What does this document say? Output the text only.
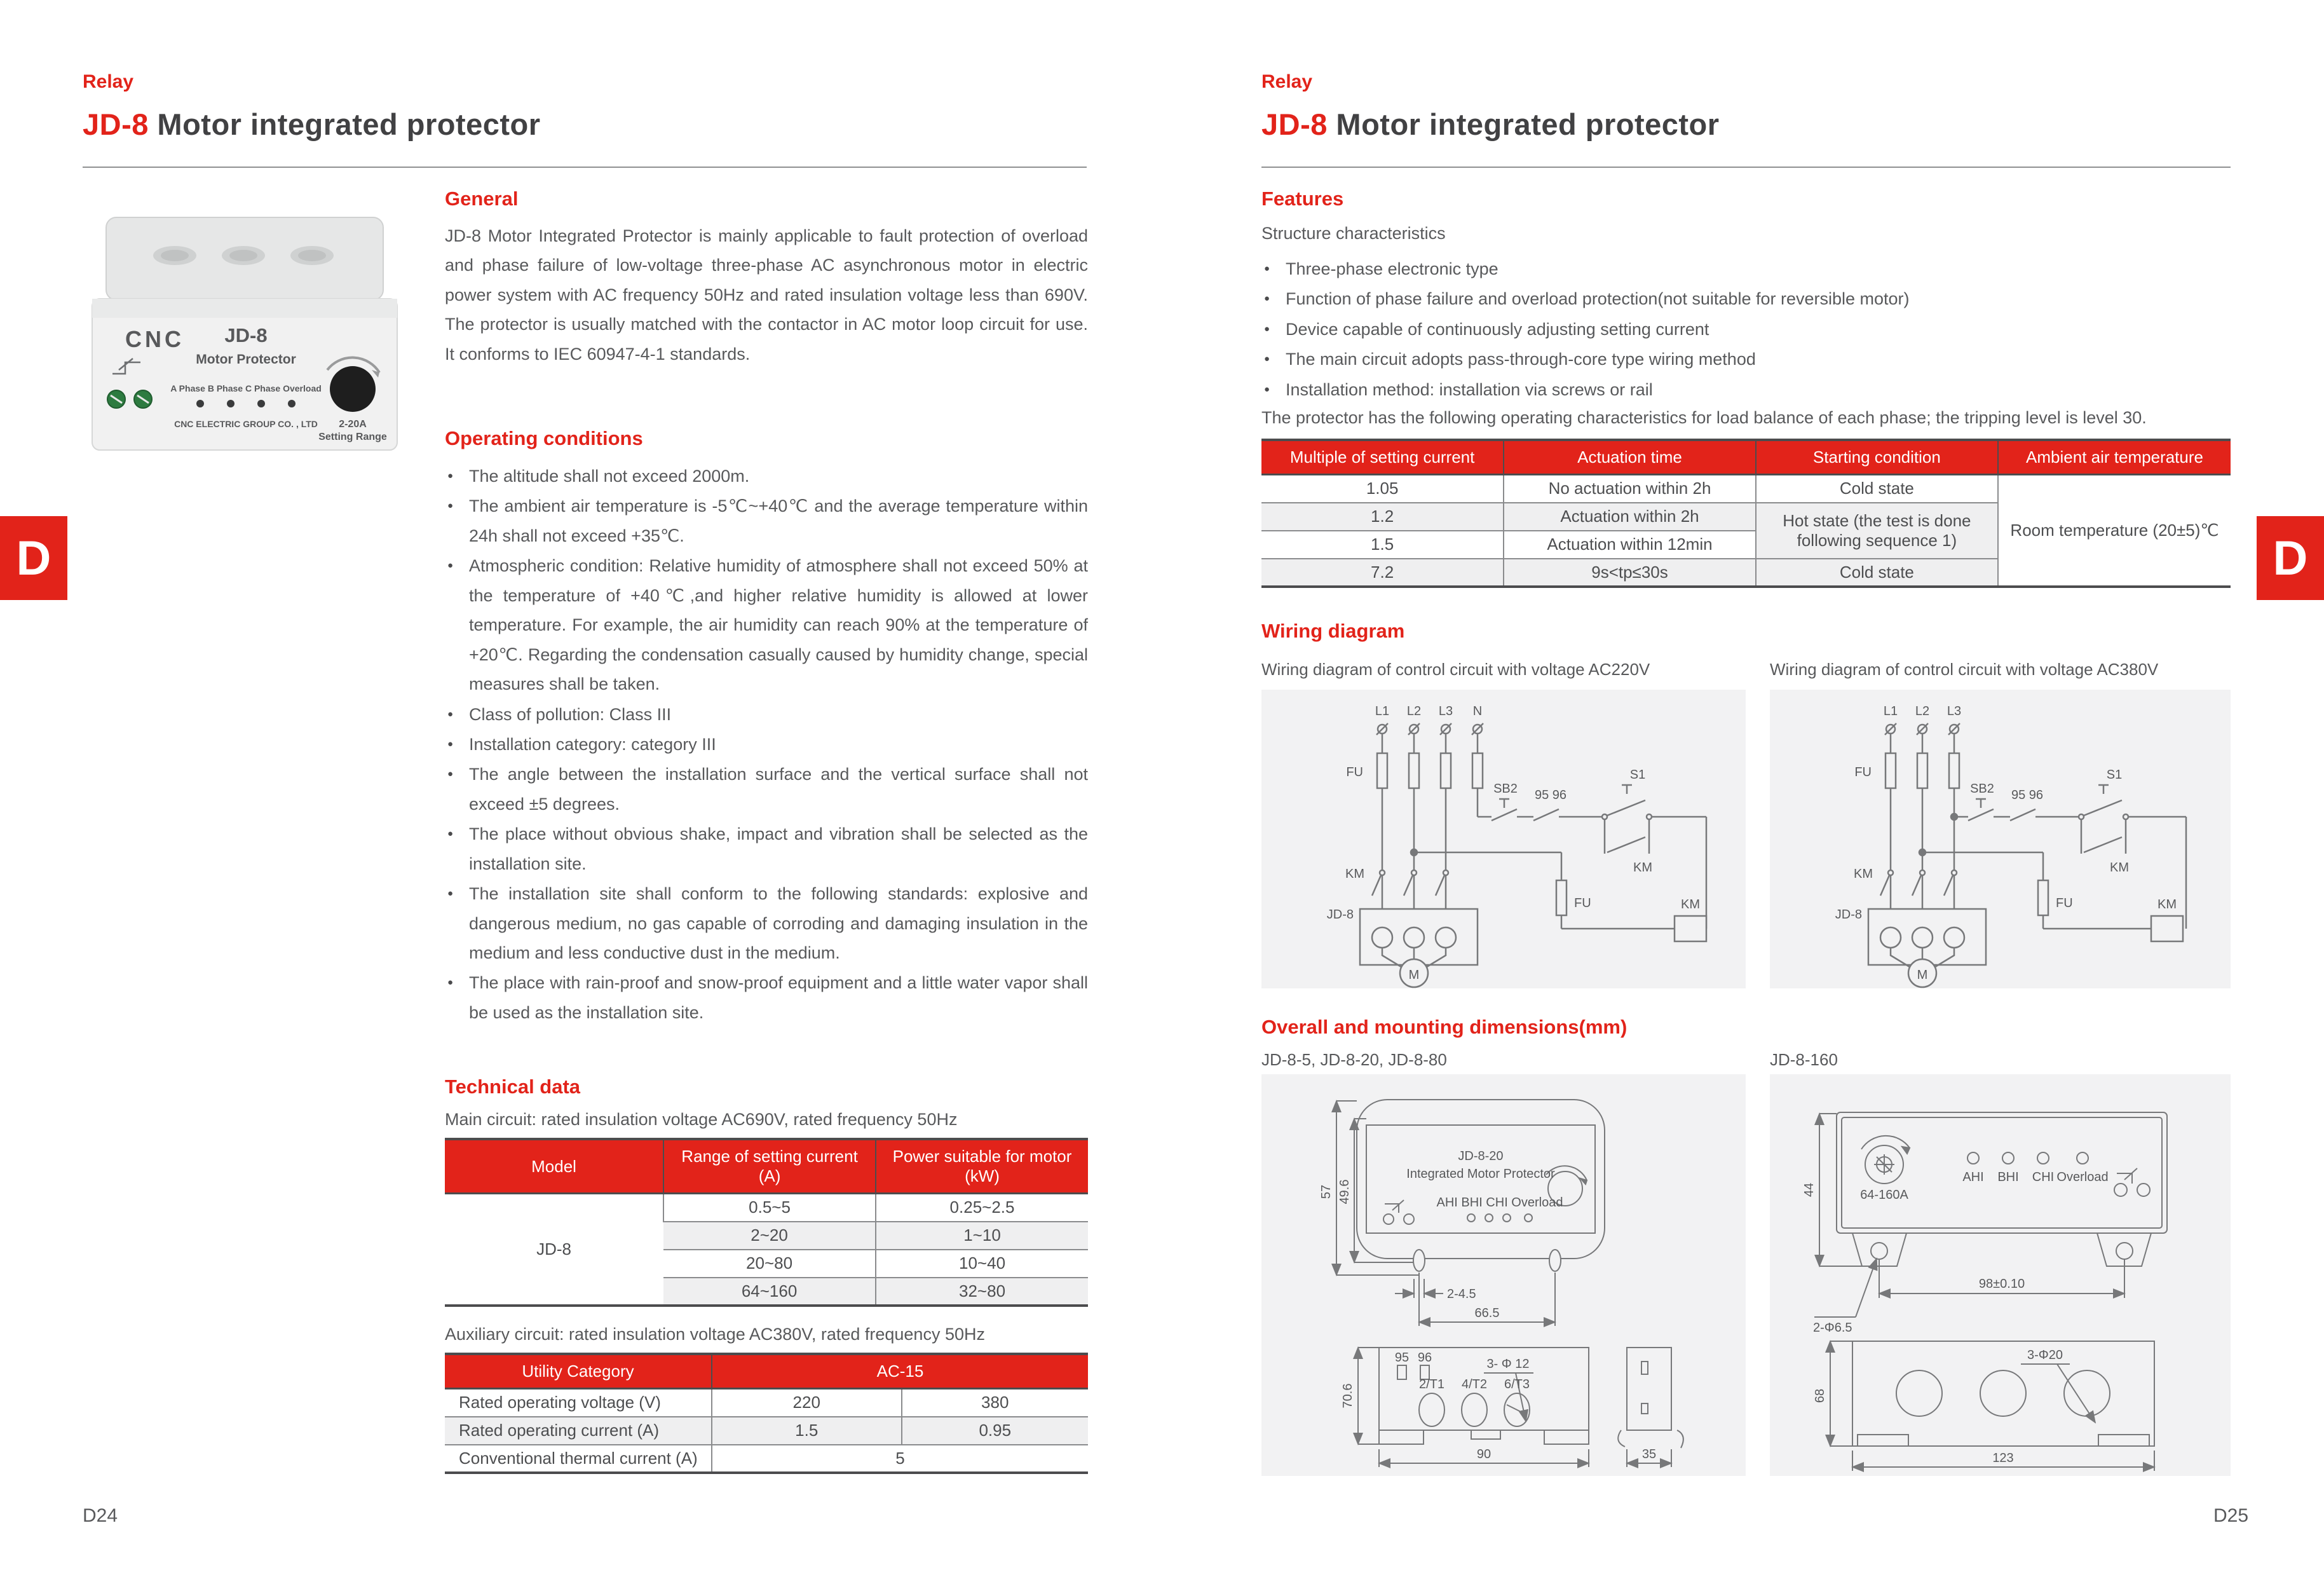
Relay
JD-8 Motor integrated protector
CNC JD-8
Motor Protector
A Phase B Phase C Phase Overload
CNC ELECTRIC GROUP CO. , LTD 2-20A
Setting Range
General
JD-8 Motor Integrated Protector is mainly applicable to fault protection of overload and phase failure of low-voltage three-phase AC asynchronous motor in electric power system with AC frequency 50Hz and rated insulation voltage less than 690V. The protector is usually matched with the contactor in AC motor loop circuit for use. It conforms to IEC 60947-4-1 standards.
Operating conditions
● The altitude shall not exceed 2000m.
● The ambient air temperature is -5℃~+40℃ and the average temperature within 24h shall not exceed +35℃.
● Atmospheric condition: Relative humidity of atmosphere shall not exceed 50% at the temperature of +40℃,and higher relative humidity is allowed at lower temperature. For example, the air humidity can reach 90% at the temperature of +20℃. Regarding the condensation casually caused by humidity change, special measures shall be taken.
● Class of pollution: Class III
● Installation category: category III
● The angle between the installation surface and the vertical surface shall not exceed ±5 degrees.
● The place without obvious shake, impact and vibration shall be selected as the installation site.
● The installation site shall conform to the following standards: explosive and dangerous medium, no gas capable of corroding and damaging insulation in the medium and less conductive dust in the medium.
● The place with rain-proof and snow-proof equipment and a little water vapor shall be used as the installation site.
Technical data
Main circuit: rated insulation voltage AC690V, rated frequency 50Hz
Model	Range of setting current (A)	Power suitable for motor (kW)
JD-8	0.5~5	0.25~2.5
	2~20	1~10
	20~80	10~40
	64~160	32~80
Auxiliary circuit: rated insulation voltage AC380V, rated frequency 50Hz
Utility Category	AC-15	
Rated operating voltage (V)	220	380
Rated operating current (A)	1.5	0.95
Conventional thermal current (A)	5	
D24
D
Relay
JD-8 Motor integrated protector
Features
Structure characteristics
● Three-phase electronic type
● Function of phase failure and overload protection(not suitable for reversible motor)
● Device capable of continuously adjusting setting current
● The main circuit adopts pass-through-core type wiring method
● Installation method: installation via screws or rail
The protector has the following operating characteristics for load balance of each phase; the tripping level is level 30.
Multiple of setting current	Actuation time	Starting condition	Ambient air temperature
1.05	No actuation within 2h	Cold state	Room temperature (20±5)℃
1.2	Actuation within 2h	Hot state (the test is done following sequence 1)	
1.5	Actuation within 12min		
7.2	9s<tp≤30s	Cold state	
Wiring diagram
Wiring diagram of control circuit with voltage AC220V	Wiring diagram of control circuit with voltage AC380V
L1 L2 L3 N
FU
KM
JD-8
M
SB2 95 96
S1
KM
KM
FU
L1 L2 L3
FU
KM
JD-8
M
SB2 95 96
S1
KM
KM
FU
Overall and mounting dimensions(mm)
JD-8-5, JD-8-20, JD-8-80	JD-8-160
JD-8-20
Integrated Motor Protector
AHI BHI CHI Overload
57 49.6
2-4.5
66.5
95 96	3- Φ 12
2/T1 4/T2 6/T3
70.6
90	35
64-160A
AHI BHI CHI Overload
44
98±0.10
2-Φ6.5
3-Φ20
68
123
D25
D
